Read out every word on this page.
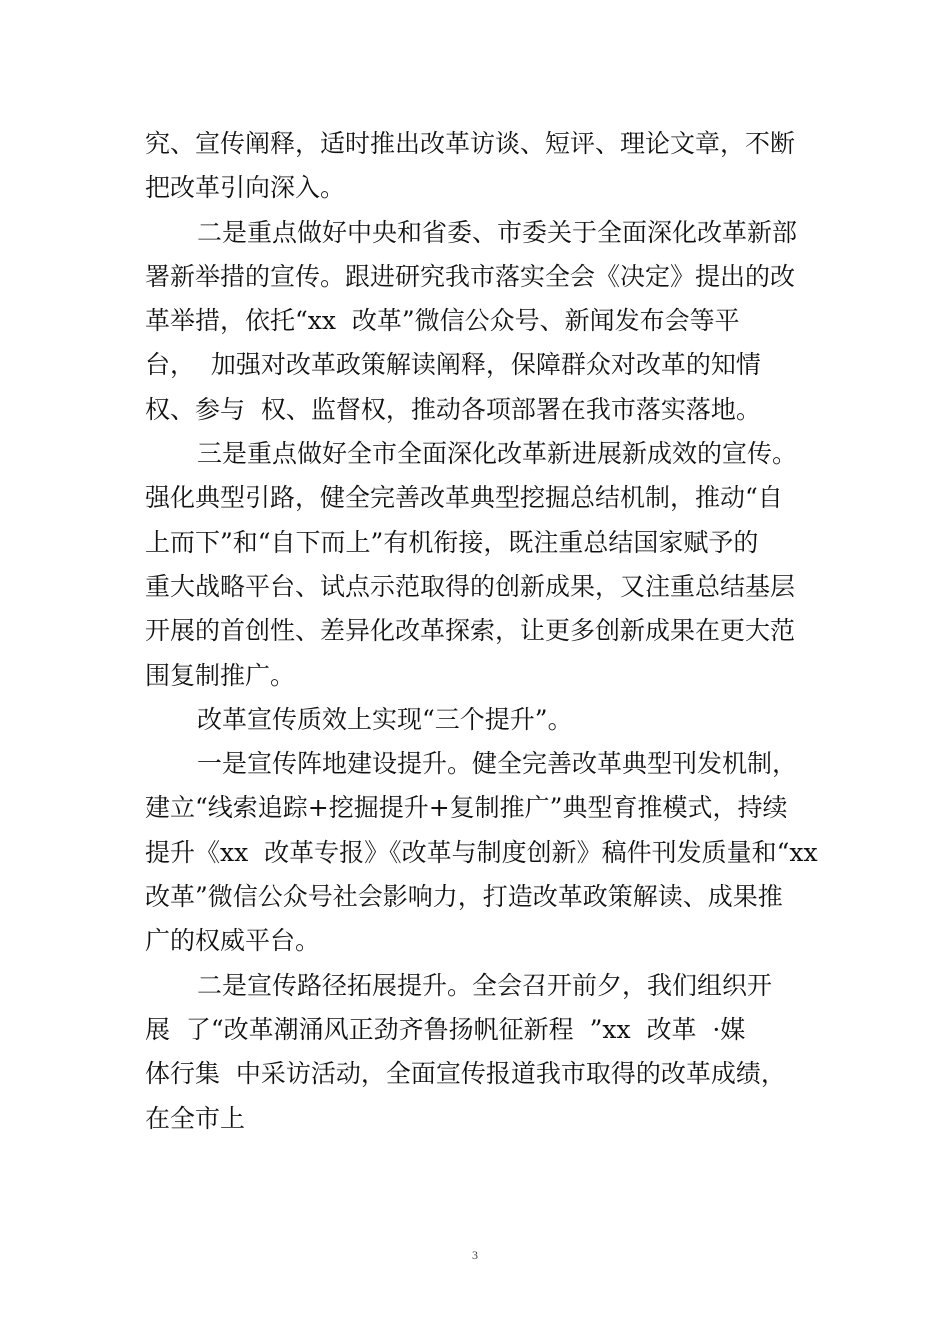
究、宣传阐释，适时推出改革访谈、短评、理论文章，不断
把改革引向深入。
二是重点做好中央和省委、市委关于全面深化改革新部
署新举措的宣传。跟进研究我市落实全会《决定》提出的改
革举措，依托“xx  改革”微信公众号、新闻发布会等平
台，  加强对改革政策解读阐释，保障群众对改革的知情
权、参与  权、监督权，推动各项部署在我市落实落地。
三是重点做好全市全面深化改革新进展新成效的宣传。
强化典型引路，健全完善改革典型挖掘总结机制，推动“自
上而下”和“自下而上”有机衔接，既注重总结国家赋予的
重大战略平台、试点示范取得的创新成果，又注重总结基层
开展的首创性、差异化改革探索，让更多创新成果在更大范
围复制推广。
改革宣传质效上实现“三个提升”。
一是宣传阵地建设提升。健全完善改革典型刊发机制，
建立“线索追踪+挖掘提升+复制推广”典型育推模式，持续
提升《xx  改革专报》《改革与制度创新》稿件刊发质量和“xx
改革”微信公众号社会影响力，打造改革政策解读、成果推
广的权威平台。
二是宣传路径拓展提升。全会召开前夕，我们组织开
展  了“改革潮涌风正劲齐鲁扬帆征新程  ”xx  改革  ·媒
体行集  中采访活动，全面宣传报道我市取得的改革成绩，
在全市上
3
